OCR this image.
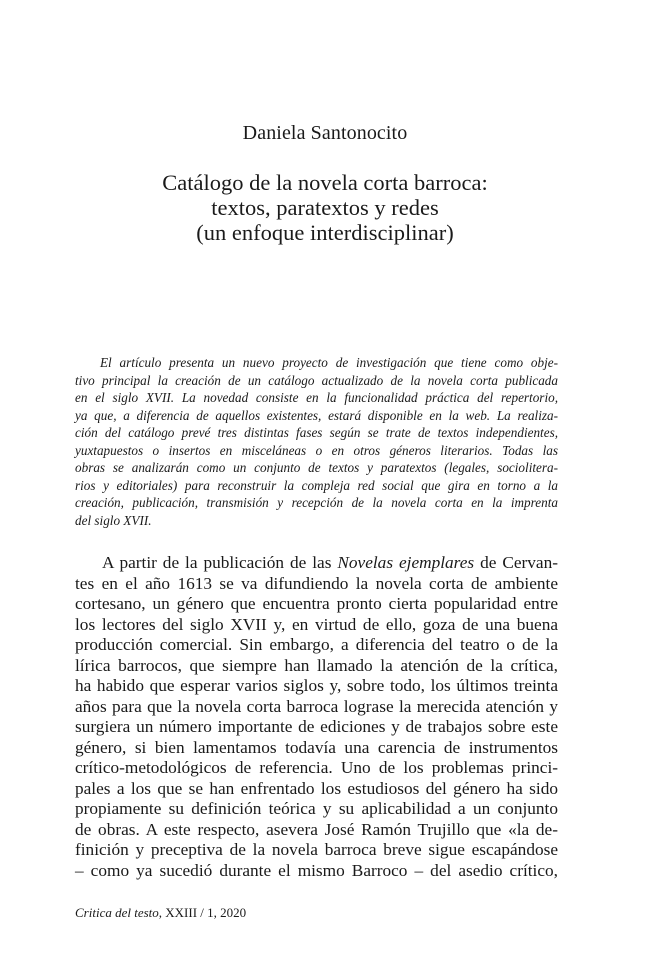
Daniela Santonocito
Catálogo de la novela corta barroca:
textos, paratextos y redes
(un enfoque interdisciplinar)
El artículo presenta un nuevo proyecto de investigación que tiene como obje-
tivo principal la creación de un catálogo actualizado de la novela corta publicada
en el siglo XVII. La novedad consiste en la funcionalidad práctica del repertorio,
ya que, a diferencia de aquellos existentes, estará disponible en la web. La realiza-
ción del catálogo prevé tres distintas fases según se trate de textos independientes,
yuxtapuestos o insertos en misceláneas o en otros géneros literarios. Todas las
obras se analizarán como un conjunto de textos y paratextos (legales, sociolitera-
rios y editoriales) para reconstruir la compleja red social que gira en torno a la
creación, publicación, transmisión y recepción de la novela corta en la imprenta
del siglo XVII.
A partir de la publicación de las Novelas ejemplares de Cervan-
tes en el año 1613 se va difundiendo la novela corta de ambiente
cortesano, un género que encuentra pronto cierta popularidad entre
los lectores del siglo XVII y, en virtud de ello, goza de una buena
producción comercial. Sin embargo, a diferencia del teatro o de la
lírica barrocos, que siempre han llamado la atención de la crítica,
ha habido que esperar varios siglos y, sobre todo, los últimos treinta
años para que la novela corta barroca lograse la merecida atención y
surgiera un número importante de ediciones y de trabajos sobre este
género, si bien lamentamos todavía una carencia de instrumentos
crítico-metodológicos de referencia. Uno de los problemas princi-
pales a los que se han enfrentado los estudiosos del género ha sido
propiamente su definición teórica y su aplicabilidad a un conjunto
de obras. A este respecto, asevera José Ramón Trujillo que «la de-
finición y preceptiva de la novela barroca breve sigue escapándose
– como ya sucedió durante el mismo Barroco – del asedio crítico,
Critica del testo, XXIII / 1, 2020
